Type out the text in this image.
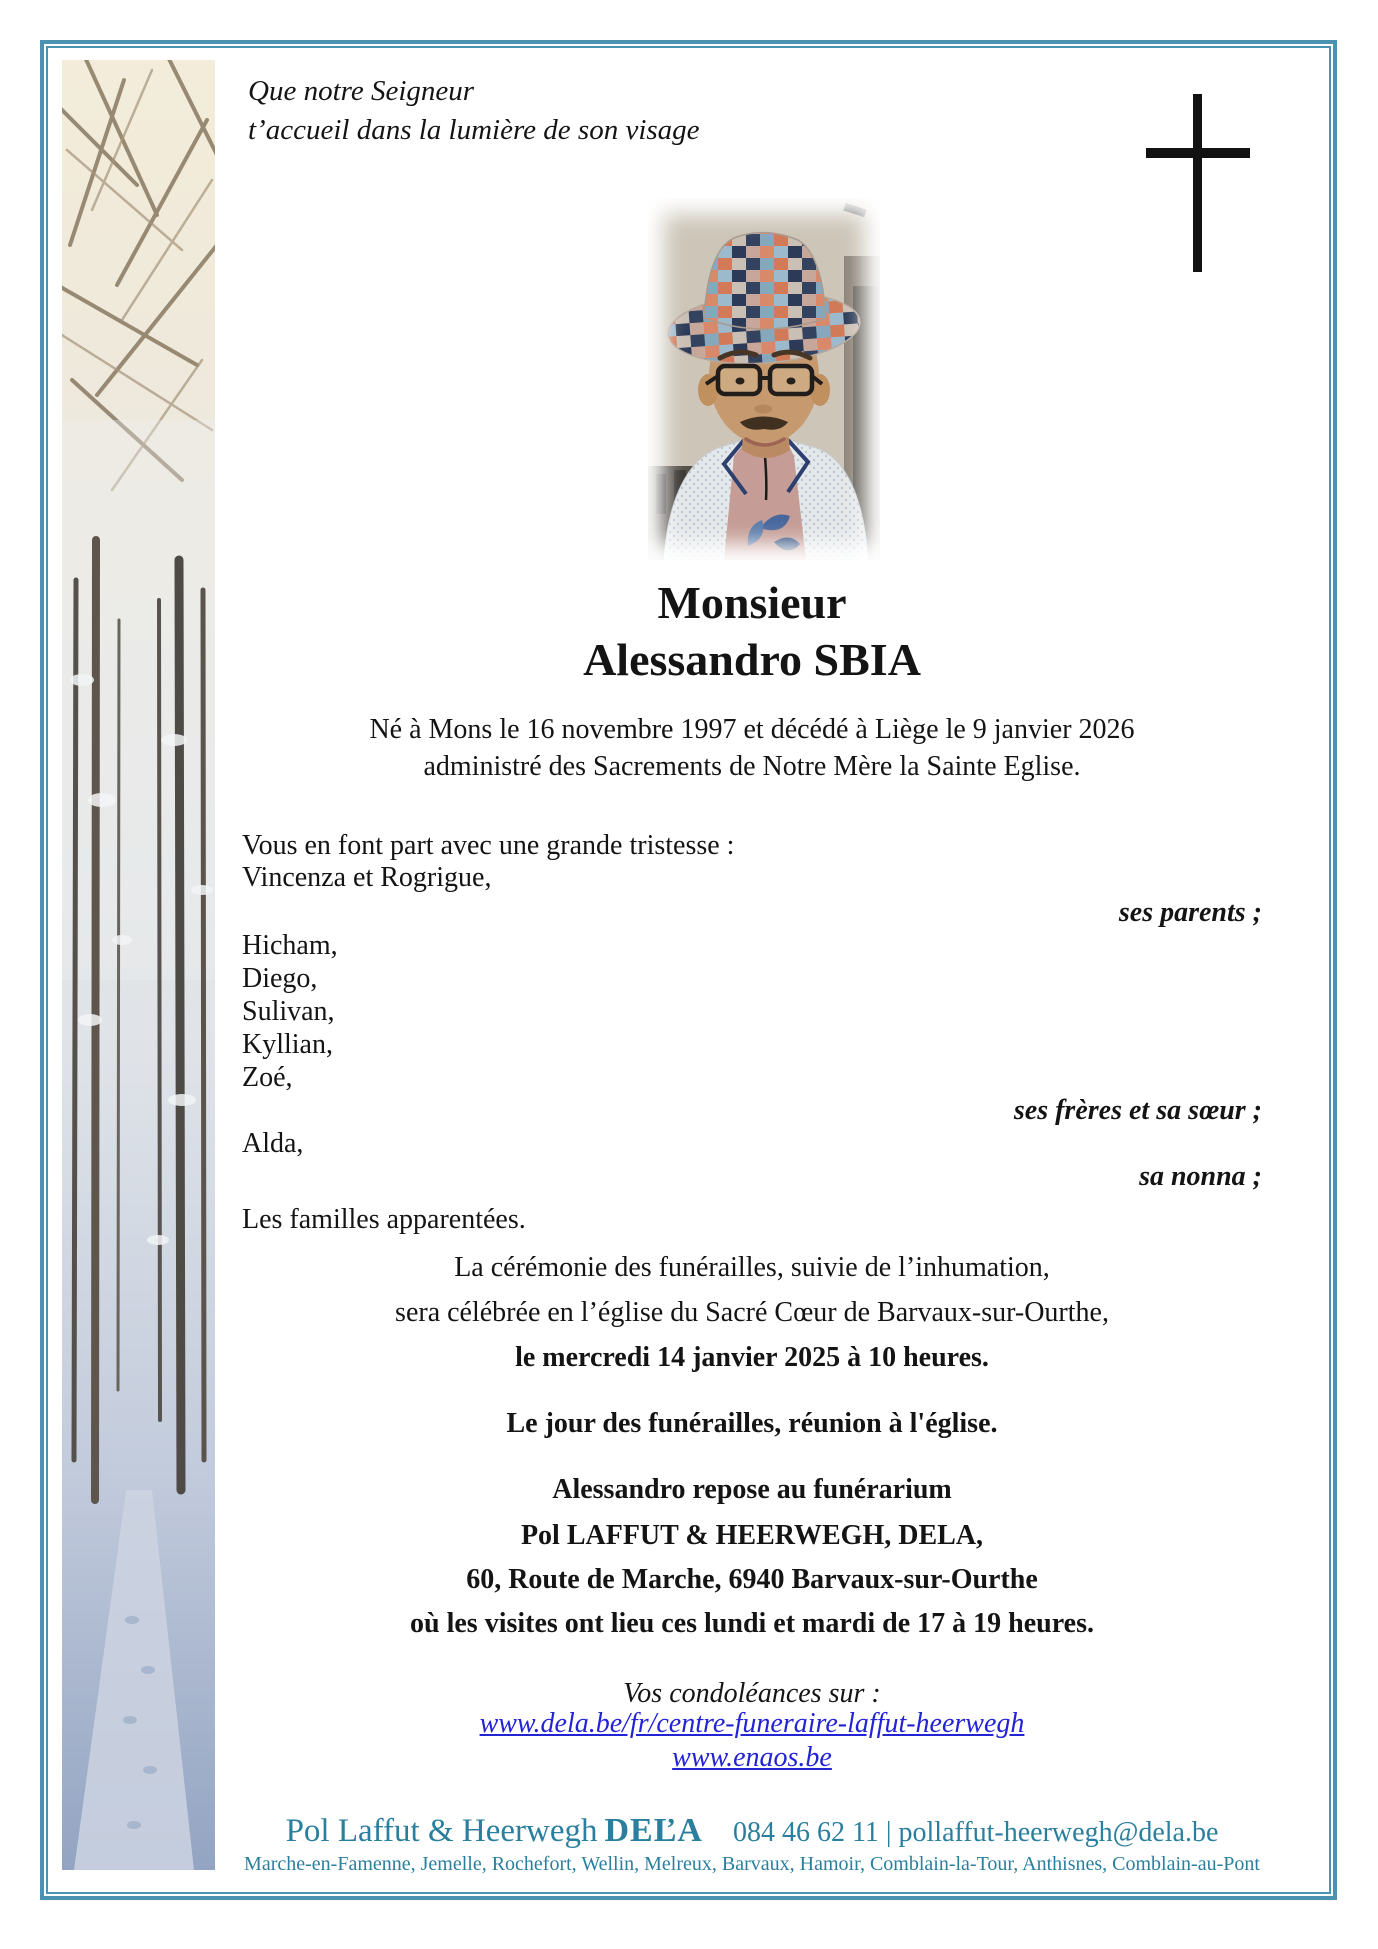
Que notre Seigneur
t’accueil dans la lumière de son visage
Monsieur
Alessandro SBIA
Né à Mons le 16 novembre 1997 et décédé à Liège le 9 janvier 2026
administré des Sacrements de Notre Mère la Sainte Eglise.
Vous en font part avec une grande tristesse :
Vincenza et Rogrigue,
ses parents ;
Hicham,
Diego,
Sulivan,
Kyllian,
Zoé,
ses frères et sa sœur ;
Alda,
sa nonna ;
Les familles apparentées.
La cérémonie des funérailles, suivie de l’inhumation,
sera célébrée en l’église du Sacré Cœur de Barvaux-sur-Ourthe,
le mercredi 14 janvier 2025 à 10 heures.
Le jour des funérailles, réunion à l'église.
Alessandro repose au funérarium
Pol LAFFUT & HEERWEGH, DELA,
60, Route de Marche, 6940 Barvaux-sur-Ourthe
où les visites ont lieu ces lundi et mardi de 17 à 19 heures.
Vos condoléances sur :
www.dela.be/fr/centre-funeraire-laffut-heerwegh
www.enaos.be
Pol Laffut & Heerwegh DEĽA 084 46 62 11 | pollaffut-heerwegh@dela.be
Marche-en-Famenne, Jemelle, Rochefort, Wellin, Melreux, Barvaux, Hamoir, Comblain-la-Tour, Anthisnes, Comblain-au-Pont
